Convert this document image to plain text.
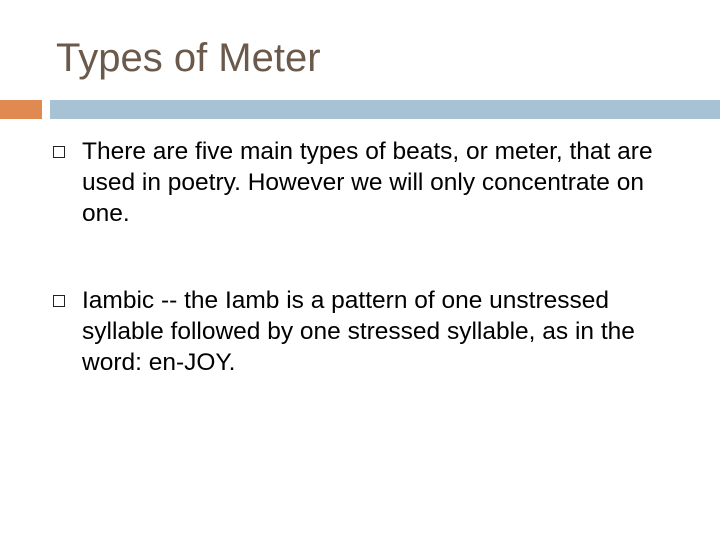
Types of Meter
There are five main types of beats, or meter, that are used in poetry. However we will only concentrate on one.
Iambic -- the Iamb is a pattern of one unstressed syllable followed by one stressed syllable, as in the word: en-JOY.
